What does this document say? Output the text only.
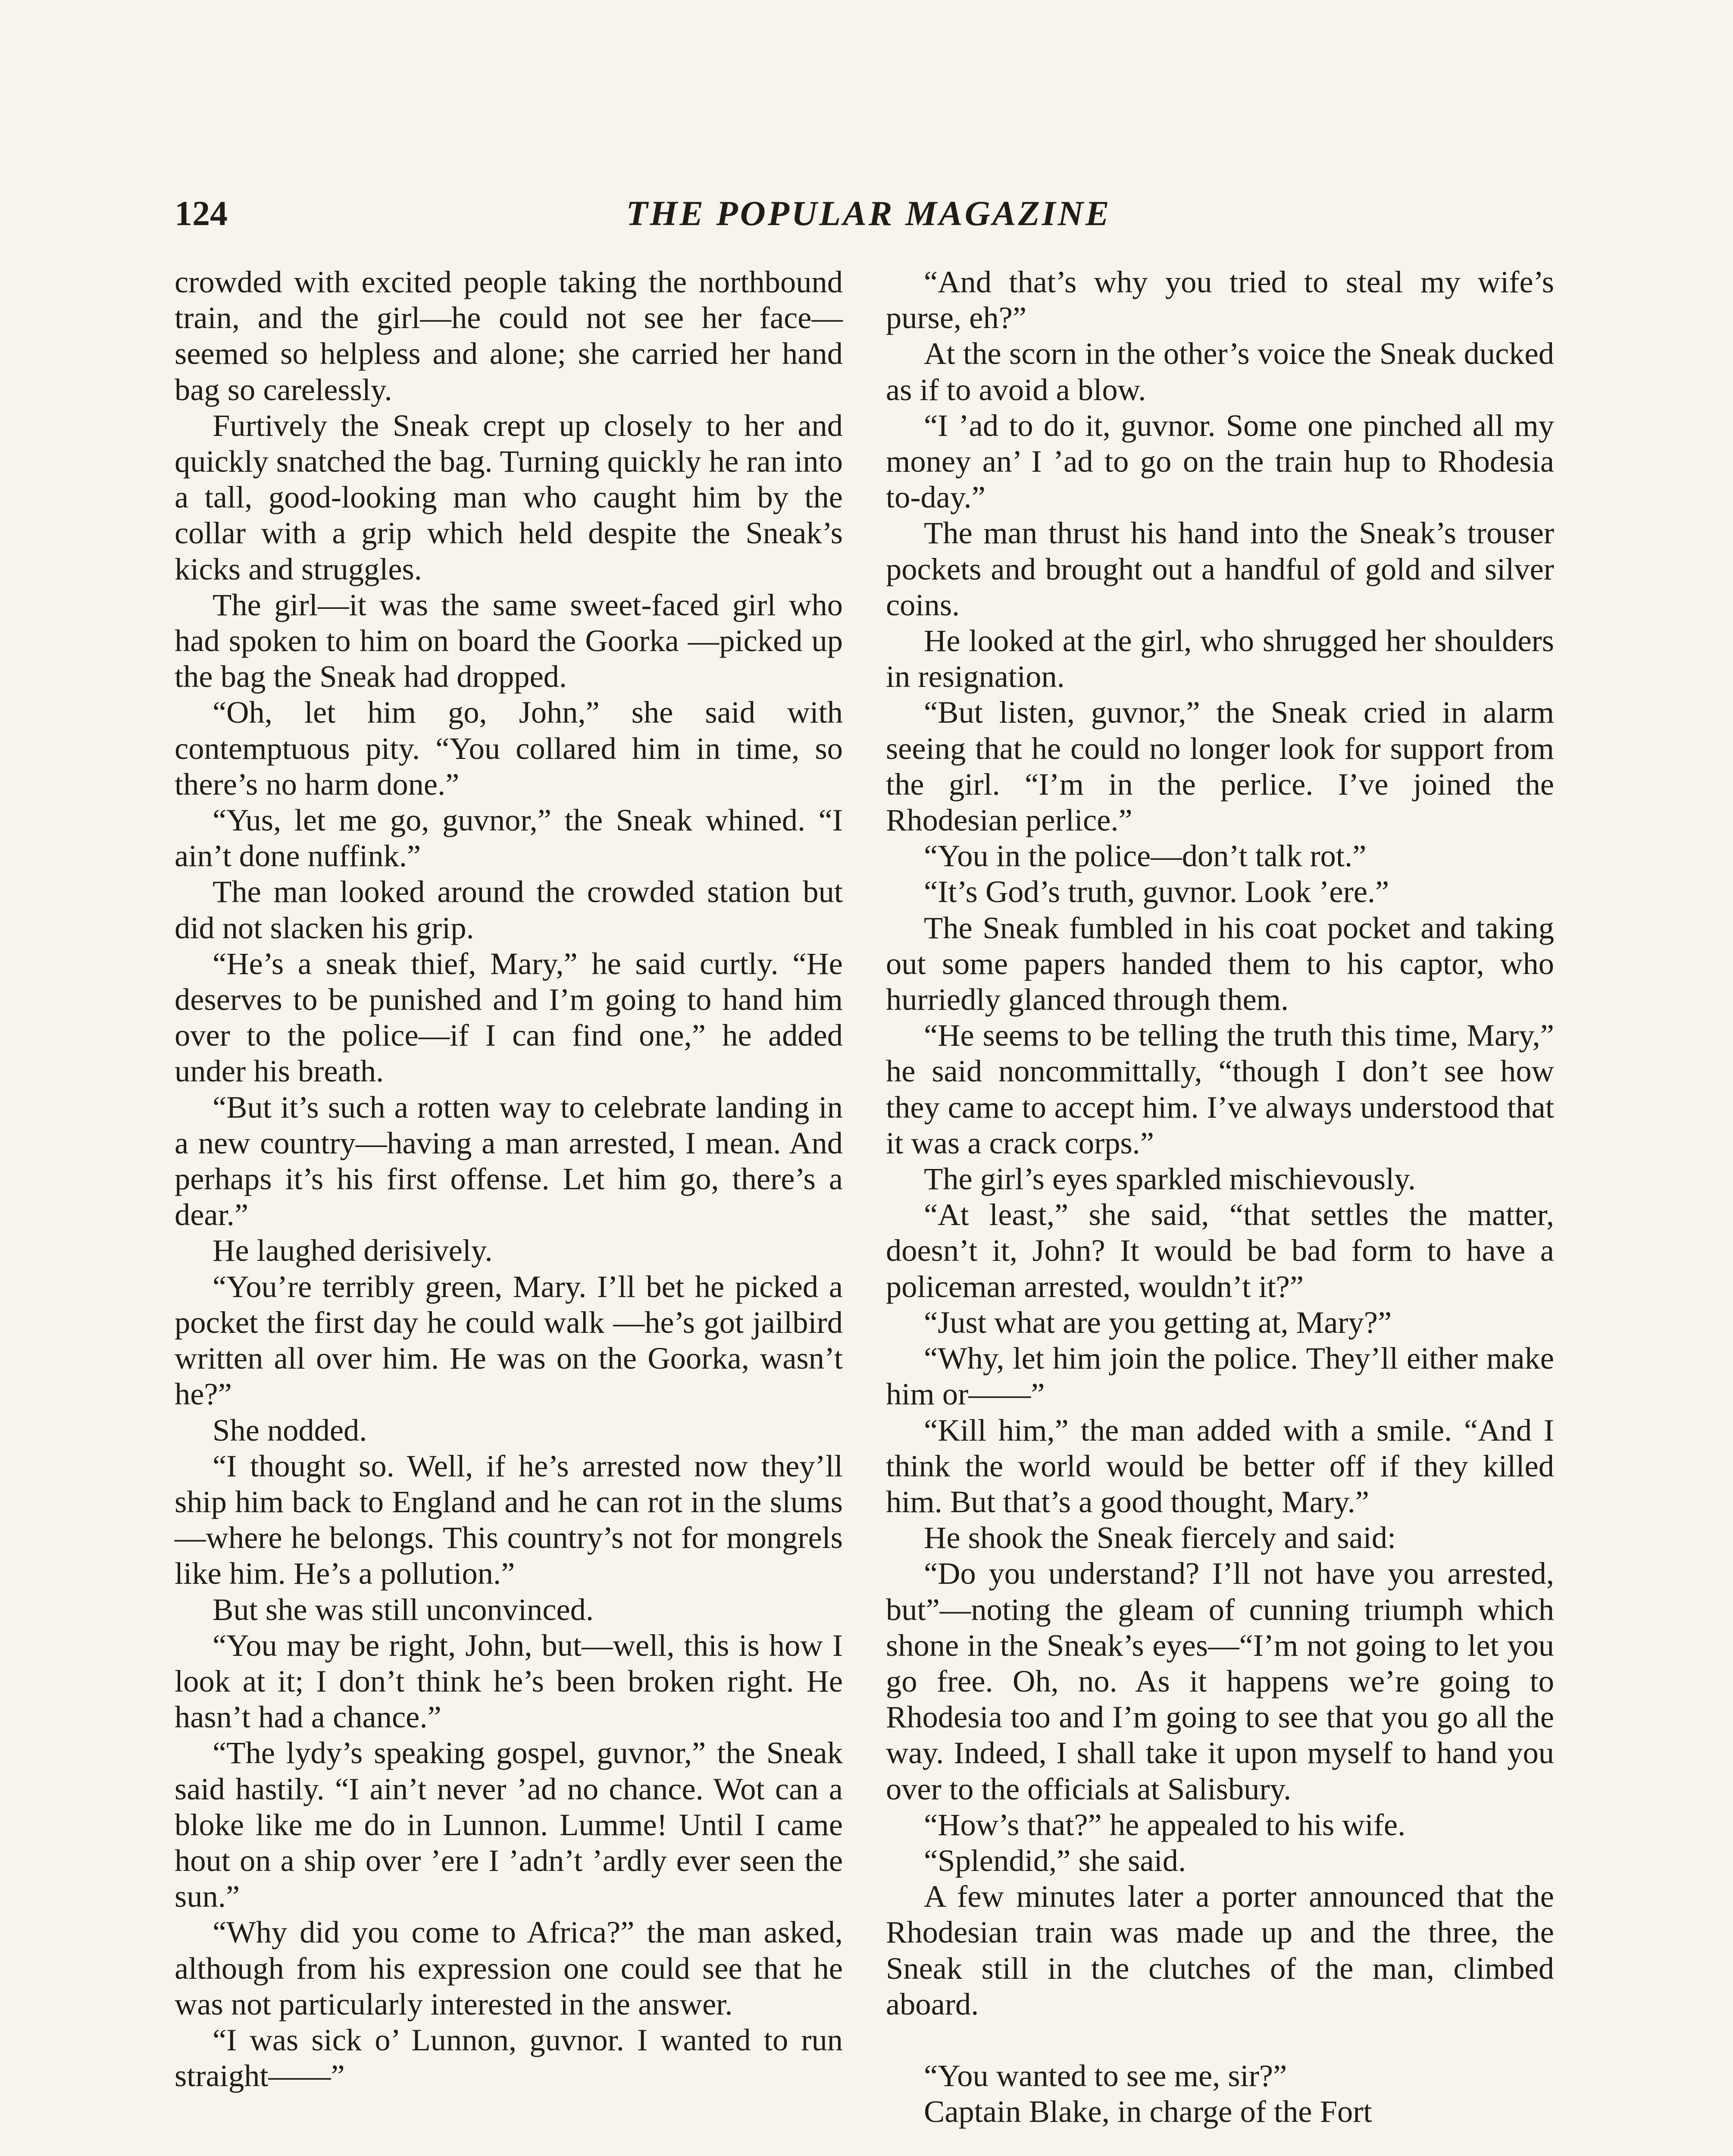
124	THE POPULAR MAGAZINE

crowded with excited people taking the northbound train, and the girl—he could not see her face—seemed so helpless and alone; she carried her hand bag so carelessly.

Furtively the Sneak crept up closely to her and quickly snatched the bag. Turning quickly he ran into a tall, good-looking man who caught him by the collar with a grip which held despite the Sneak’s kicks and struggles.

The girl—it was the same sweet-faced girl who had spoken to him on board the Goorka —picked up the bag the Sneak had dropped.

“Oh, let him go, John,” she said with contemptuous pity. “You collared him in time, so there’s no harm done.”

“Yus, let me go, guvnor,” the Sneak whined. “I ain’t done nuffink.”

The man looked around the crowded station but did not slacken his grip.

“He’s a sneak thief, Mary,” he said curtly. “He deserves to be punished and I’m going to hand him over to the police—if I can find one,” he added under his breath.

“But it’s such a rotten way to celebrate landing in a new country—having a man arrested, I mean. And perhaps it’s his first offense. Let him go, there’s a dear.”

He laughed derisively.

“You’re terribly green, Mary. I’ll bet he picked a pocket the first day he could walk —he’s got jailbird written all over him. He was on the Goorka, wasn’t he?”

She nodded.

“I thought so. Well, if he’s arrested now they’ll ship him back to England and he can rot in the slums—where he belongs. This country’s not for mongrels like him. He’s a pollution.”

But she was still unconvinced.

“You may be right, John, but—well, this is how I look at it; I don’t think he’s been broken right. He hasn’t had a chance.”

“The lydy’s speaking gospel, guvnor,” the Sneak said hastily. “I ain’t never ’ad no chance. Wot can a bloke like me do in Lunnon. Lumme! Until I came hout on a ship over ’ere I ’adn’t ’ardly ever seen the sun.”

“Why did you come to Africa?” the man asked, although from his expression one could see that he was not particularly interested in the answer.

“I was sick o’ Lunnon, guvnor. I wanted to run straight——”

“And that’s why you tried to steal my wife’s purse, eh?”

At the scorn in the other’s voice the Sneak ducked as if to avoid a blow.

“I ’ad to do it, guvnor. Some one pinched all my money an’ I ’ad to go on the train hup to Rhodesia to-day.”

The man thrust his hand into the Sneak’s trouser pockets and brought out a handful of gold and silver coins.

He looked at the girl, who shrugged her shoulders in resignation.

“But listen, guvnor,” the Sneak cried in alarm seeing that he could no longer look for support from the girl. “I’m in the perlice. I’ve joined the Rhodesian perlice.”

“You in the police—don’t talk rot.”

“It’s God’s truth, guvnor. Look ’ere.”

The Sneak fumbled in his coat pocket and taking out some papers handed them to his captor, who hurriedly glanced through them.

“He seems to be telling the truth this time, Mary,” he said noncommittally, “though I don’t see how they came to accept him. I’ve always understood that it was a crack corps.”

The girl’s eyes sparkled mischievously.

“At least,” she said, “that settles the matter, doesn’t it, John? It would be bad form to have a policeman arrested, wouldn’t it?”

“Just what are you getting at, Mary?”

“Why, let him join the police. They’ll either make him or——”

“Kill him,” the man added with a smile. “And I think the world would be better off if they killed him. But that’s a good thought, Mary.”

He shook the Sneak fiercely and said:

“Do you understand? I’ll not have you arrested, but”—noting the gleam of cunning triumph which shone in the Sneak’s eyes—“I’m not going to let you go free. Oh, no. As it happens we’re going to Rhodesia too and I’m going to see that you go all the way. Indeed, I shall take it upon myself to hand you over to the officials at Salisbury.

“How’s that?” he appealed to his wife.

“Splendid,” she said.

A few minutes later a porter announced that the Rhodesian train was made up and the three, the Sneak still in the clutches of the man, climbed aboard.

“You wanted to see me, sir?”

Captain Blake, in charge of the Fort
